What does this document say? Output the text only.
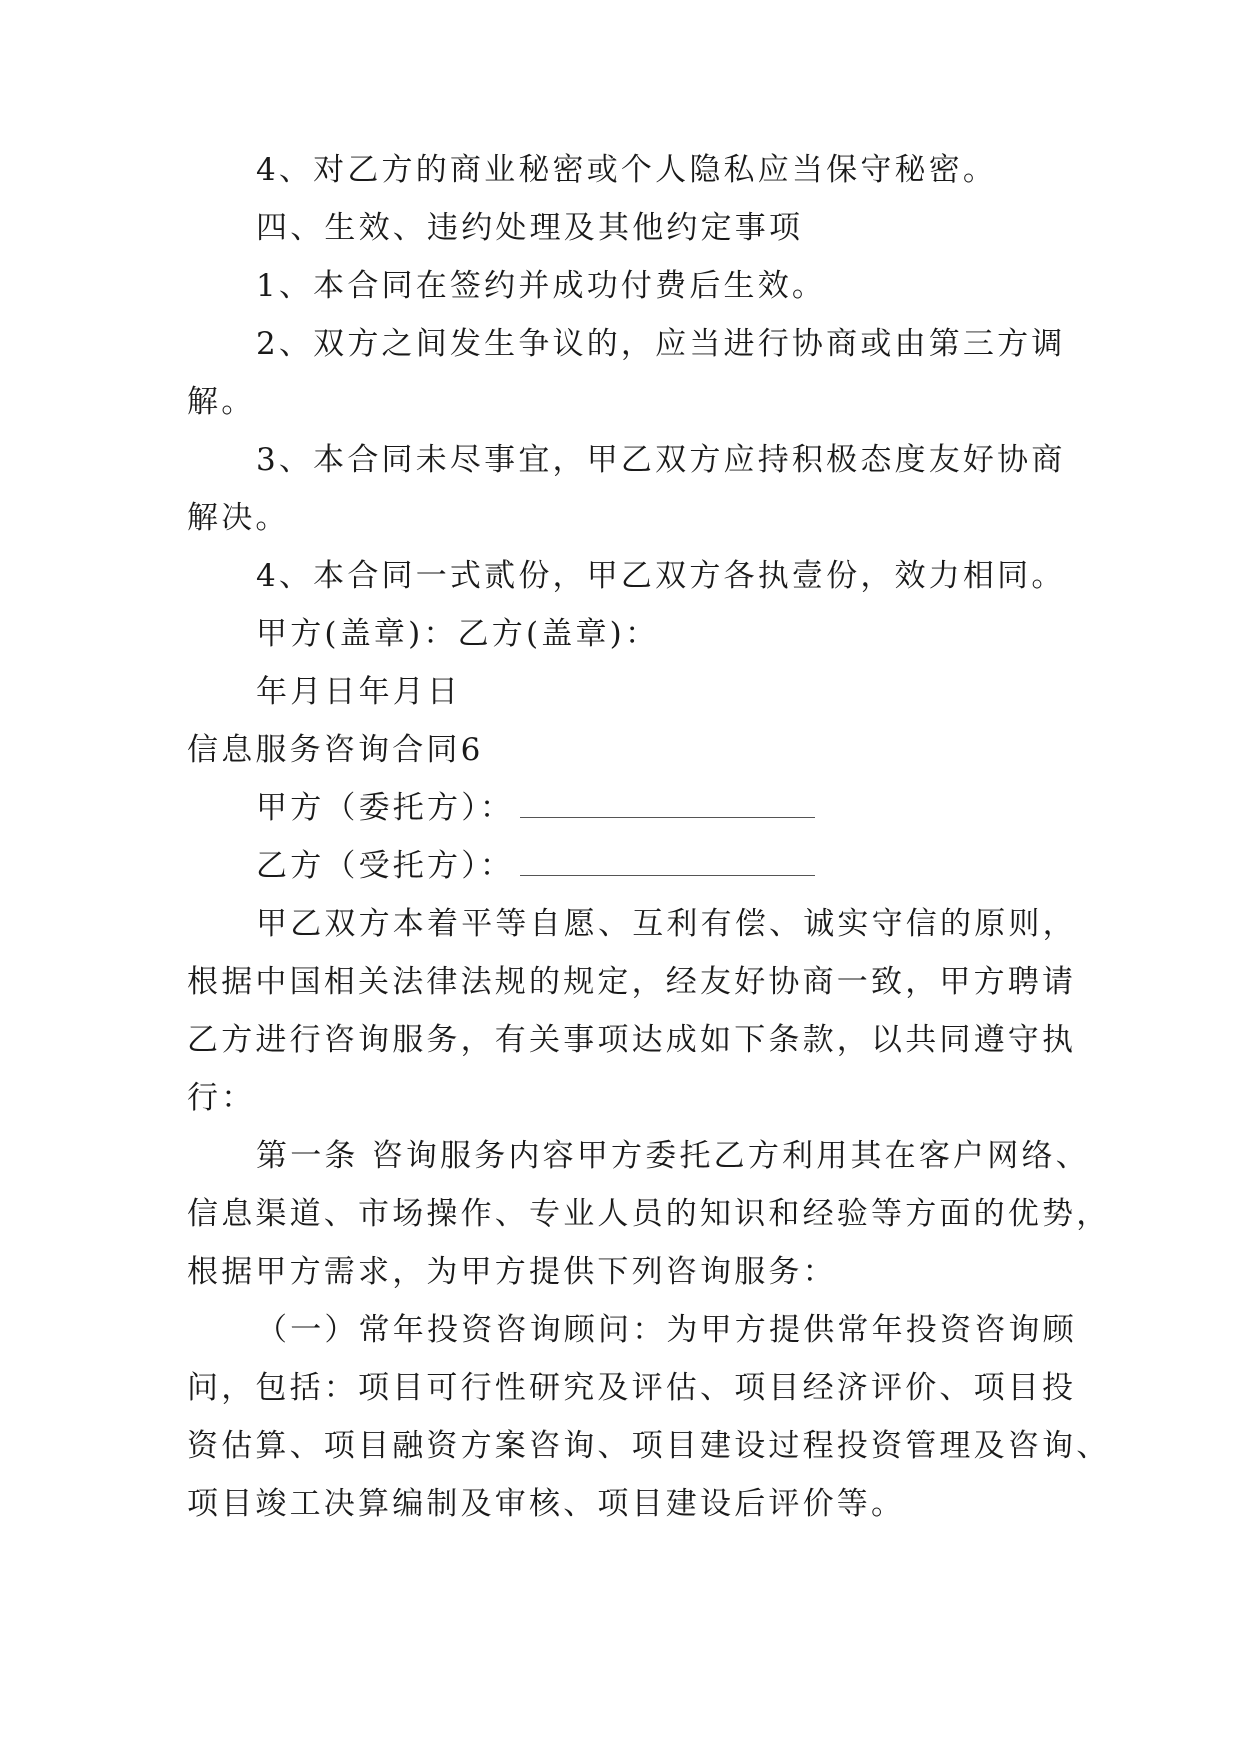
4、对乙方的商业秘密或个人隐私应当保守秘密。
四、生效、违约处理及其他约定事项
1、本合同在签约并成功付费后生效。
2、双方之间发生争议的，应当进行协商或由第三方调
解。
3、本合同未尽事宜，甲乙双方应持积极态度友好协商
解决。
4、本合同一式贰份，甲乙双方各执壹份，效力相同。
甲方(盖章)：乙方(盖章)：
年月日年月日
信息服务咨询合同6
甲方（委托方）：
乙方（受托方）：
甲乙双方本着平等自愿、互利有偿、诚实守信的原则，
根据中国相关法律法规的规定，经友好协商一致，甲方聘请
乙方进行咨询服务，有关事项达成如下条款，以共同遵守执
行：
第一条 咨询服务内容甲方委托乙方利用其在客户网络、
信息渠道、市场操作、专业人员的知识和经验等方面的优势，
根据甲方需求，为甲方提供下列咨询服务：
（一）常年投资咨询顾问：为甲方提供常年投资咨询顾
问，包括：项目可行性研究及评估、项目经济评价、项目投
资估算、项目融资方案咨询、项目建设过程投资管理及咨询、
项目竣工决算编制及审核、项目建设后评价等。
